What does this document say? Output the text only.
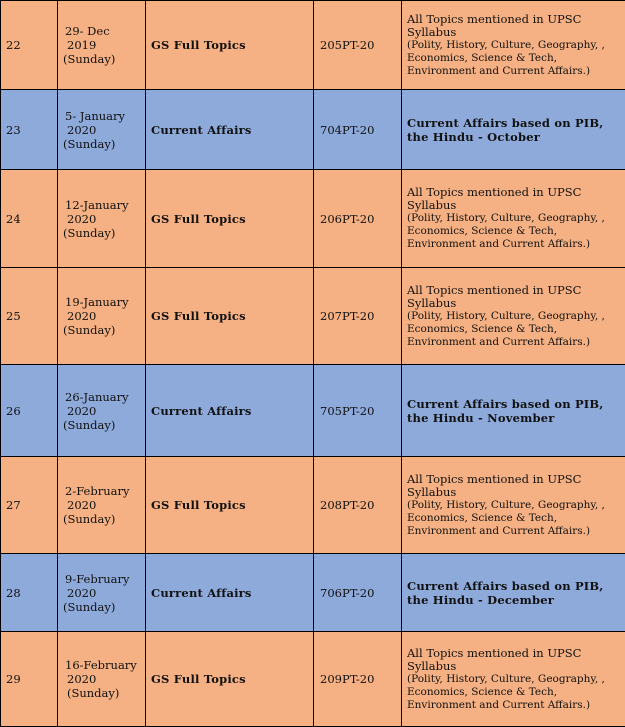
22	29- Dec
2019
(Sunday)	GS Full Topics	205PT-20	All Topics mentioned in UPSC Syllabus
(Polity, History, Culture, Geography, , Economics, Science & Tech, Environment and Current Affairs.)

23	5- January
2020
(Sunday)	Current Affairs	704PT-20	Current Affairs based on PIB, the Hindu - October

24	12-January
2020
(Sunday)	GS Full Topics	206PT-20	All Topics mentioned in UPSC Syllabus
(Polity, History, Culture, Geography, , Economics, Science & Tech, Environment and Current Affairs.)

25	19-January
2020
(Sunday)	GS Full Topics	207PT-20	All Topics mentioned in UPSC Syllabus
(Polity, History, Culture, Geography, , Economics, Science & Tech, Environment and Current Affairs.)

26	26-January
2020
(Sunday)	Current Affairs	705PT-20	Current Affairs based on PIB, the Hindu - November

27	2-February
2020
(Sunday)	GS Full Topics	208PT-20	All Topics mentioned in UPSC Syllabus
(Polity, History, Culture, Geography, , Economics, Science & Tech, Environment and Current Affairs.)

28	9-February
2020
(Sunday)	Current Affairs	706PT-20	Current Affairs based on PIB, the Hindu - December

29	16-February
2020
(Sunday)	GS Full Topics	209PT-20	All Topics mentioned in UPSC Syllabus
(Polity, History, Culture, Geography, , Economics, Science & Tech, Environment and Current Affairs.)
